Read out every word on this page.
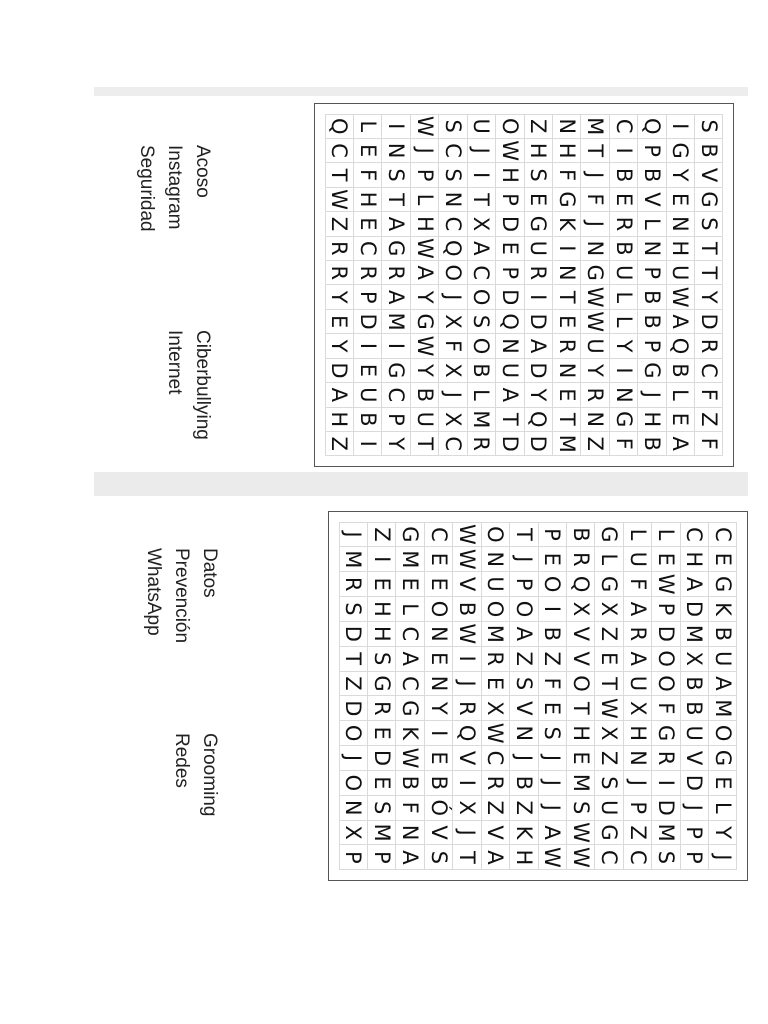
S
B
V
G
S
T
T
Y
D
R
C
F
Z
F
I
G
Y
E
N
H
U
W
A
Q
B
L
E
A
Q
P
B
V
L
N
P
B
B
P
G
J
H
B
C
I
B
E
R
B
U
L
L
Y
I
N
G
F
M
T
J
F
J
N
G
W
W
U
Y
R
N
Z
N
H
F
G
K
I
N
T
E
R
N
E
T
M
Z
H
S
E
G
U
R
I
D
A
D
Y
Q
D
O
W
H
P
D
E
P
D
Q
N
U
A
T
D
U
J
I
T
X
A
C
O
S
O
B
L
M
R
S
C
S
N
C
Q
O
J
X
F
X
J
X
C
W
J
P
L
H
W
A
Y
G
W
Y
B
U
T
I
N
S
T
A
G
R
A
M
I
G
C
P
Y
L
E
F
H
E
C
R
P
D
I
E
U
B
I
Q
C
T
W
Z
R
R
Y
E
Y
D
A
H
Z
Acoso
Ciberbullying
Instagram
Internet
Seguridad
C
E
G
K
B
U
A
M
O
G
E
L
Y
J
C
H
A
D
M
X
B
B
U
V
D
J
P
P
L
E
W
P
D
O
O
F
G
R
I
D
M
S
L
U
F
A
R
A
U
X
H
N
J
P
Z
C
G
L
G
X
Z
E
T
W
X
Z
S
U
G
C
B
R
Q
X
V
V
O
T
H
E
M
S
W
W
P
E
O
I
B
Z
F
E
S
J
J
J
A
W
T
J
P
O
A
Z
S
V
N
J
B
Z
K
H
O
N
U
O
M
R
E
X
W
C
R
Z
V
A
W
W
V
B
W
I
J
R
Q
V
I
X
J
T
C
E
E
O
N
E
N
Y
I
E
B
Ó
V
S
G
M
E
L
C
A
C
G
K
W
B
F
N
A
Z
I
E
H
H
S
G
R
E
D
E
S
M
P
J
M
R
S
D
T
Z
D
O
J
O
N
X
P
Datos
Grooming
Prevención
Redes
WhatsApp
